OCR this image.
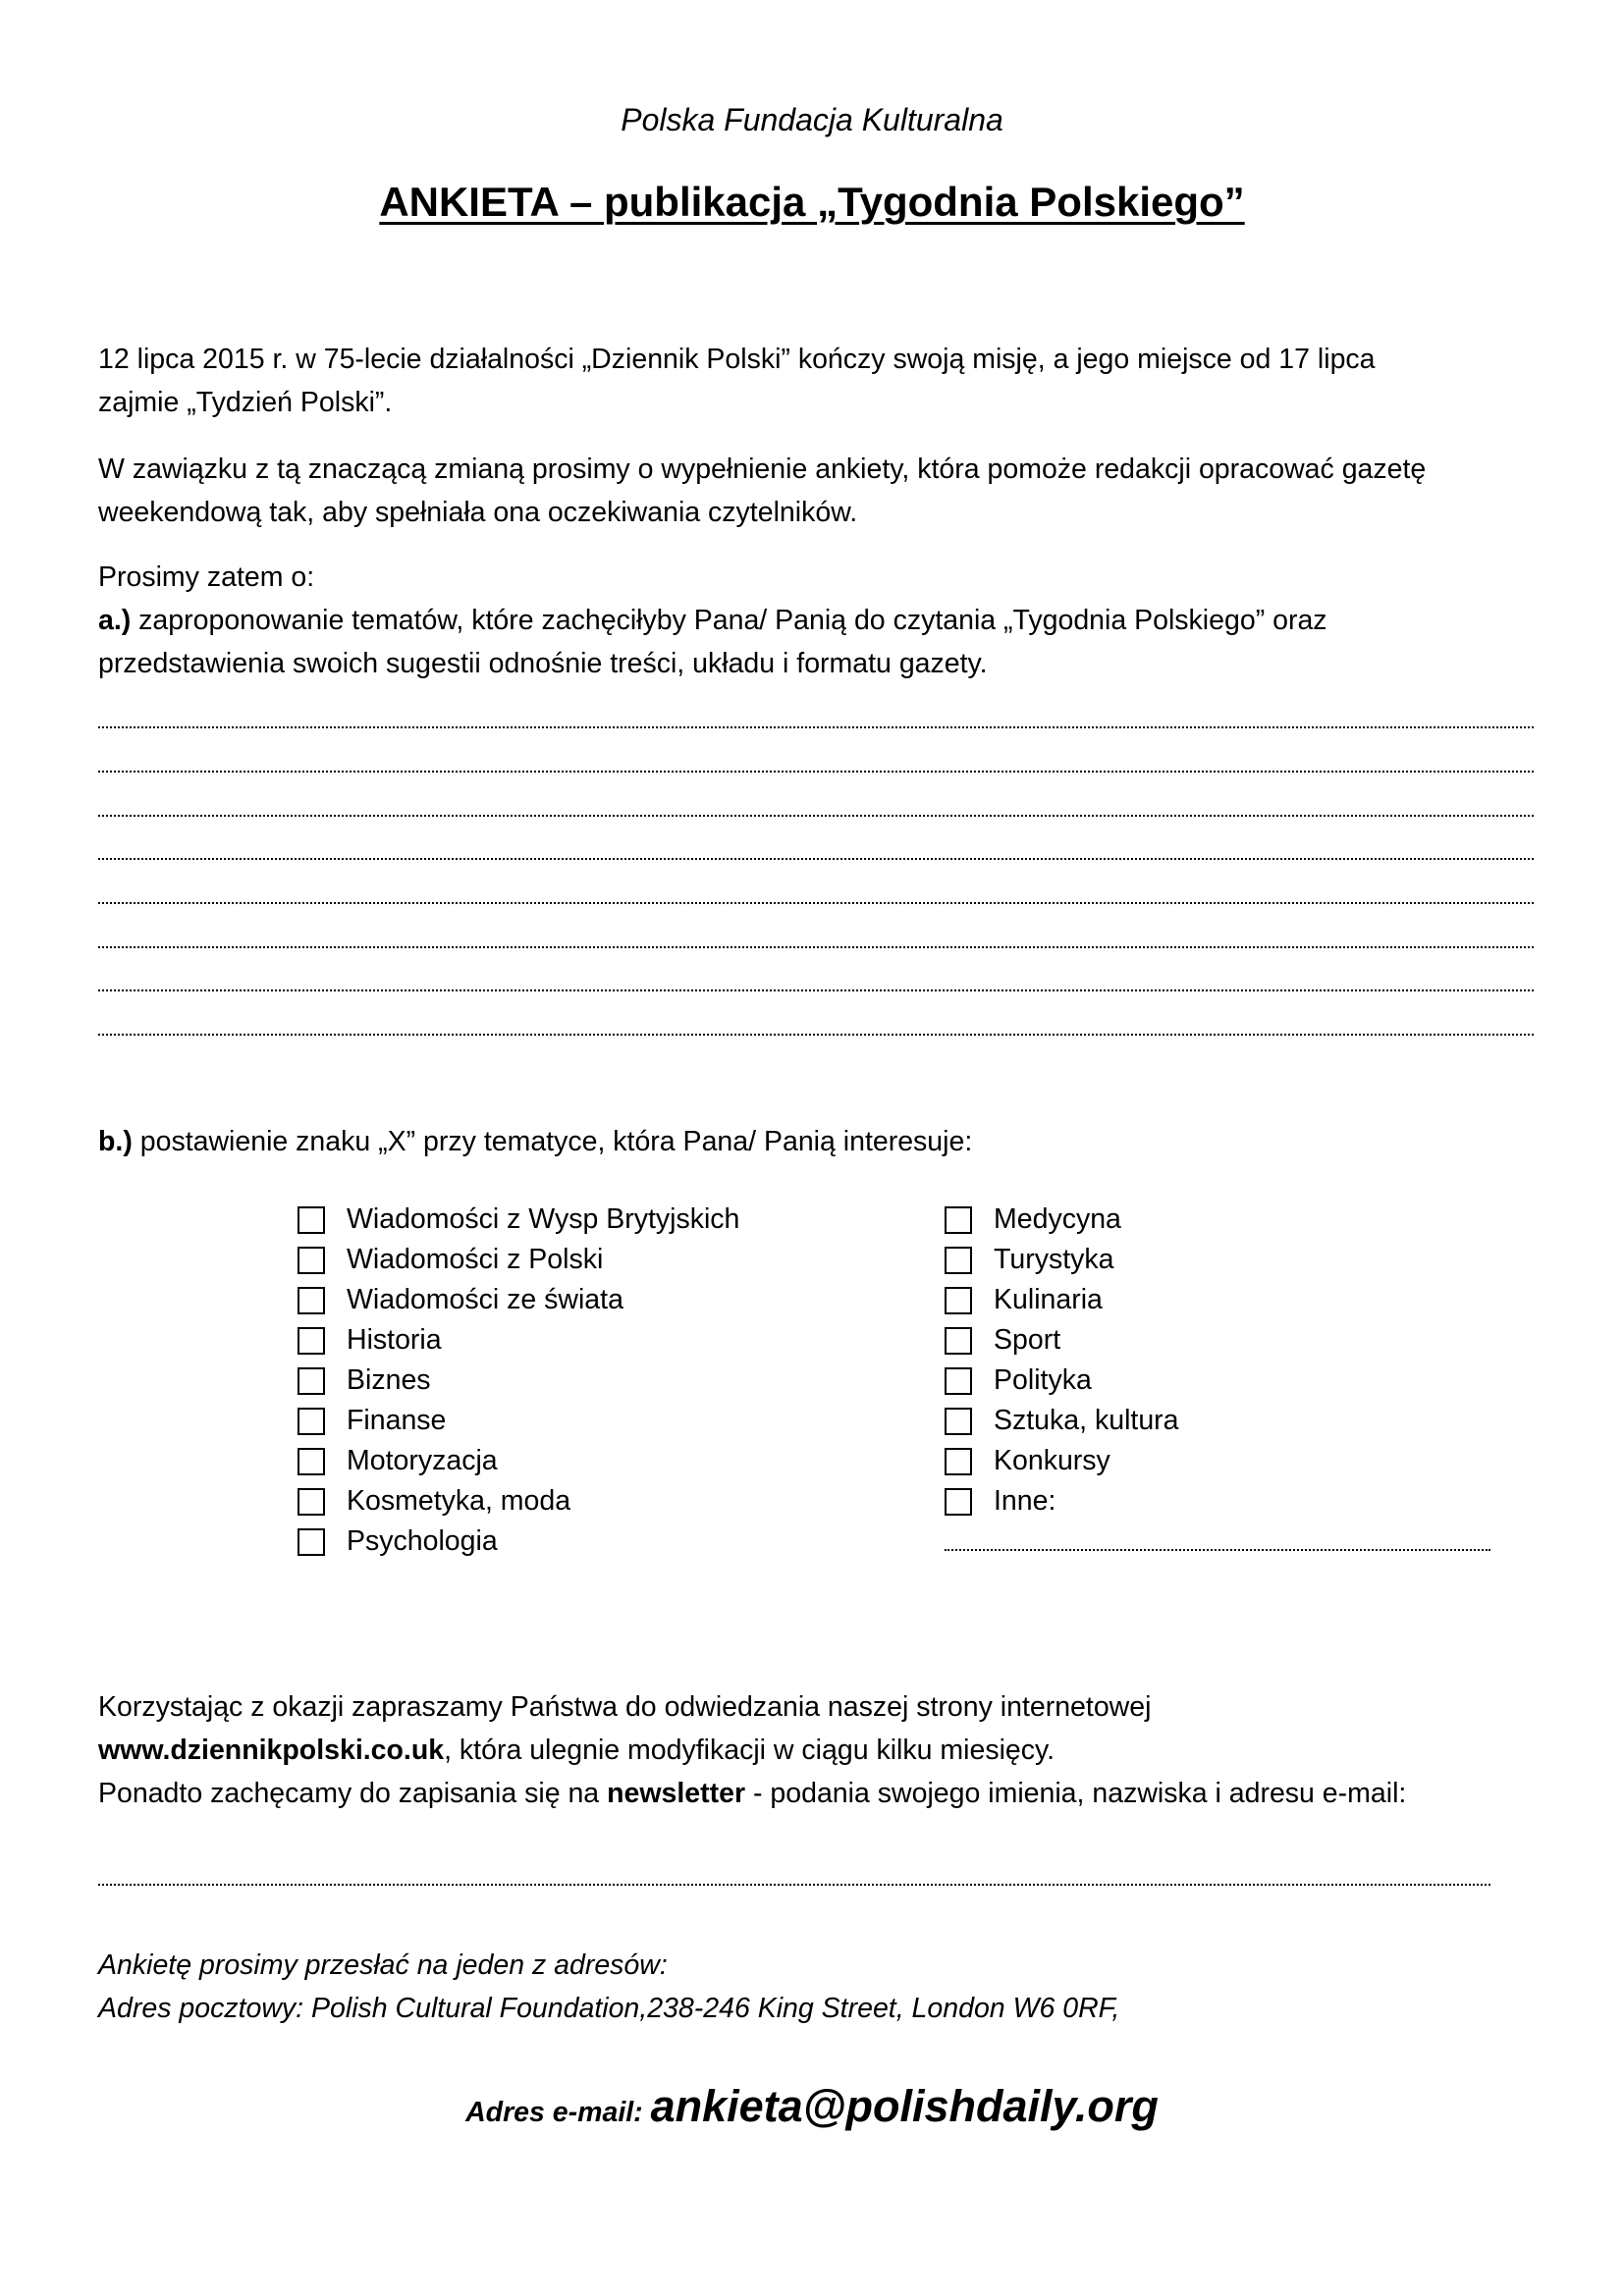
Polska Fundacja Kulturalna
ANKIETA – publikacja „Tygodnia Polskiego”
12 lipca 2015 r. w 75-lecie działalności „Dziennik Polski” kończy swoją misję, a jego miejsce od 17 lipca
zajmie „Tydzień Polski”.
W zawiązku z tą znaczącą zmianą prosimy o wypełnienie ankiety, która pomoże redakcji opracować gazetę
weekendową tak, aby spełniała ona oczekiwania czytelników.
Prosimy zatem o:
a.) zaproponowanie tematów, które zachęciłyby Pana/ Panią do czytania „Tygodnia Polskiego” oraz
przedstawienia swoich sugestii odnośnie treści, układu i formatu gazety.
b.) postawienie znaku „X” przy tematyce, która Pana/ Panią interesuje:
Wiadomości z Wysp Brytyjskich
Wiadomości z Polski
Wiadomości ze świata
Historia
Biznes
Finanse
Motoryzacja
Kosmetyka, moda
Psychologia
Medycyna
Turystyka
Kulinaria
Sport
Polityka
Sztuka, kultura
Konkursy
Inne:
Korzystając z okazji zapraszamy Państwa do odwiedzania naszej strony internetowej
www.dziennikpolski.co.uk, która ulegnie modyfikacji w ciągu kilku miesięcy.
Ponadto zachęcamy do zapisania się na newsletter - podania swojego imienia, nazwiska i adresu e-mail:
Ankietę prosimy przesłać na jeden z adresów:
Adres pocztowy: Polish Cultural Foundation,238-246 King Street, London W6 0RF,
Adres e-mail: ankieta@polishdaily.org
